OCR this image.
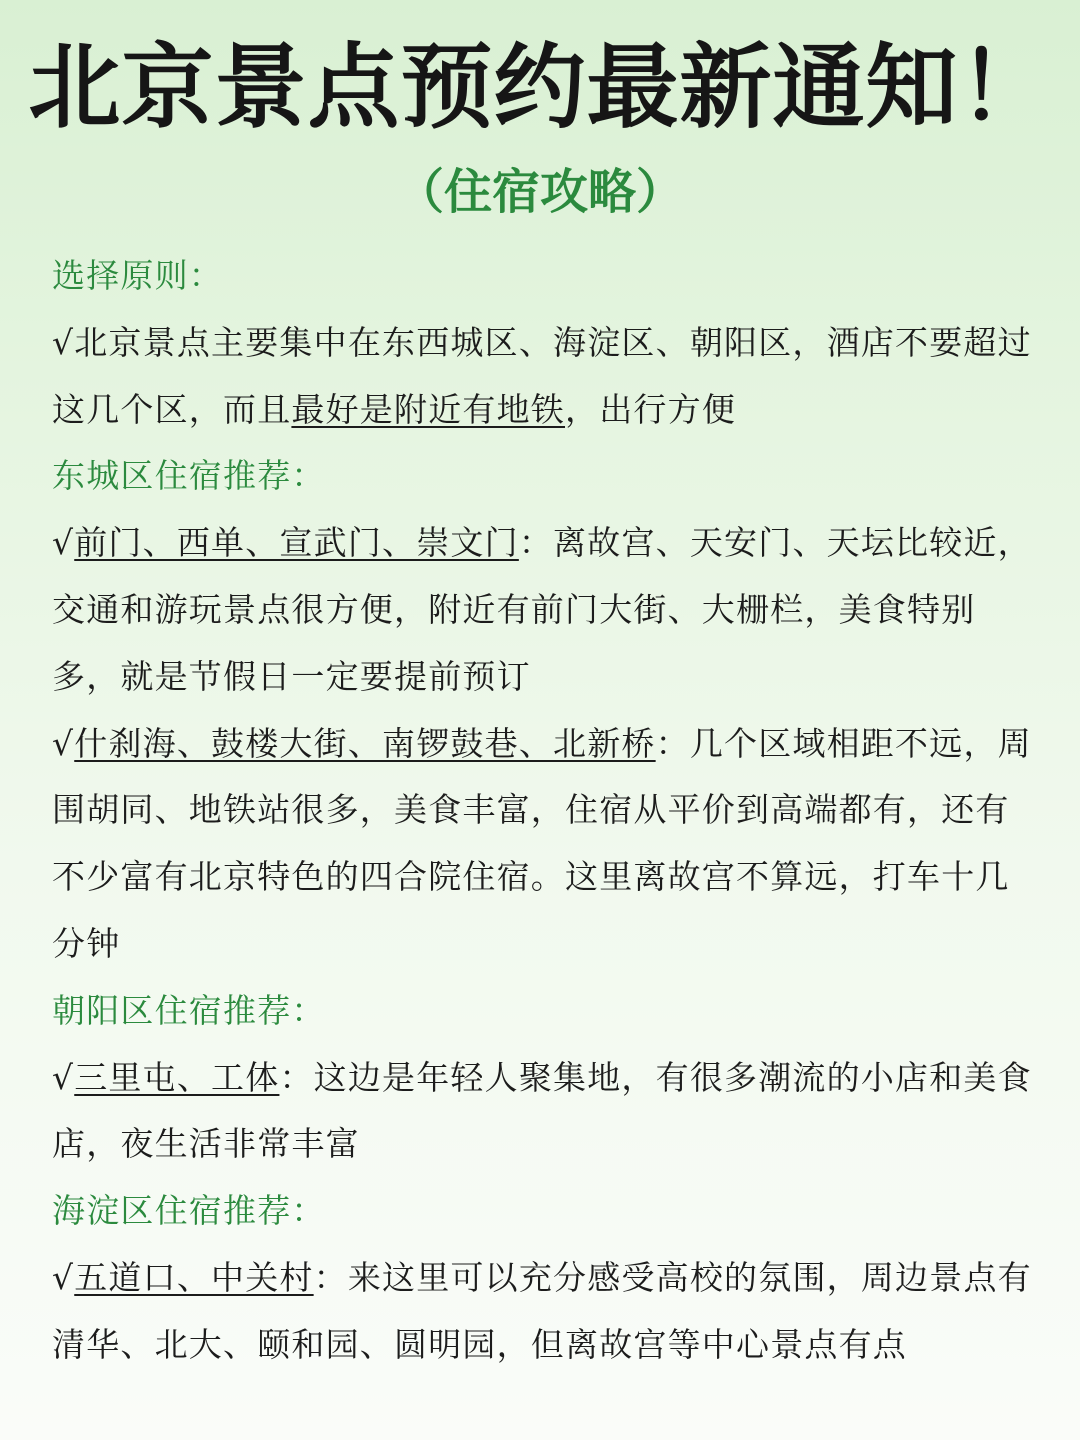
北京景点预约最新通知！
（住宿攻略）

选择原则：

√北京景点主要集中在东西城区、海淀区、朝阳区，酒店不要超过这几个区，而且最好是附近有地铁，出行方便

东城区住宿推荐：

√前门、西单、宣武门、崇文门：离故宫、天安门、天坛比较近，交通和游玩景点很方便，附近有前门大街、大栅栏，美食特别多，就是节假日一定要提前预订

√什刹海、鼓楼大街、南锣鼓巷、北新桥：几个区域相距不远，周围胡同、地铁站很多，美食丰富，住宿从平价到高端都有，还有不少富有北京特色的四合院住宿。这里离故宫不算远，打车十几分钟

朝阳区住宿推荐：

√三里屯、工体：这边是年轻人聚集地，有很多潮流的小店和美食店，夜生活非常丰富

海淀区住宿推荐：

√五道口、中关村：来这里可以充分感受高校的氛围，周边景点有清华、北大、颐和园、圆明园，但离故宫等中心景点有点
